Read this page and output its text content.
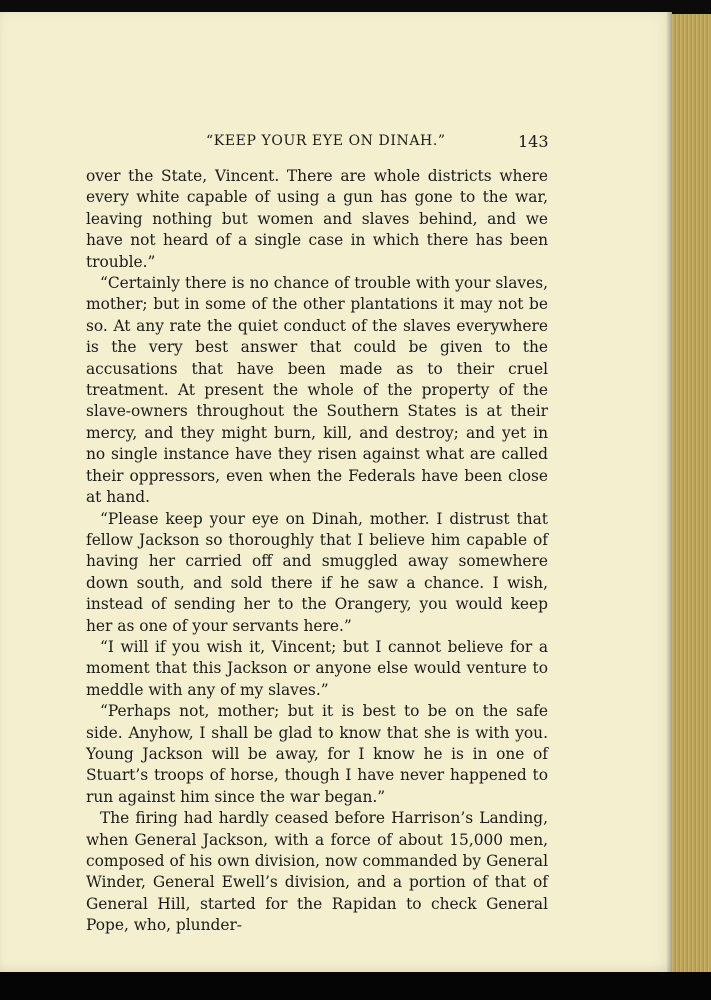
“KEEP YOUR EYE ON DINAH.”	143

over the State, Vincent. There are whole districts where every white capable of using a gun has gone to the war, leaving nothing but women and slaves behind, and we have not heard of a single case in which there has been trouble.”

“Certainly there is no chance of trouble with your slaves, mother; but in some of the other plantations it may not be so. At any rate the quiet conduct of the slaves everywhere is the very best answer that could be given to the accusations that have been made as to their cruel treatment. At present the whole of the property of the slave-owners throughout the Southern States is at their mercy, and they might burn, kill, and destroy; and yet in no single instance have they risen against what are called their oppressors, even when the Federals have been close at hand.

“Please keep your eye on Dinah, mother. I distrust that fellow Jackson so thoroughly that I believe him capable of having her carried off and smuggled away somewhere down south, and sold there if he saw a chance. I wish, instead of sending her to the Orangery, you would keep her as one of your servants here.”

“I will if you wish it, Vincent; but I cannot believe for a moment that this Jackson or anyone else would venture to meddle with any of my slaves.”

“Perhaps not, mother; but it is best to be on the safe side. Anyhow, I shall be glad to know that she is with you. Young Jackson will be away, for I know he is in one of Stuart’s troops of horse, though I have never happened to run against him since the war began.”

The firing had hardly ceased before Harrison’s Landing, when General Jackson, with a force of about 15,000 men, composed of his own division, now commanded by General Winder, General Ewell’s division, and a portion of that of General Hill, started for the Rapidan to check General Pope, who, plunder-
